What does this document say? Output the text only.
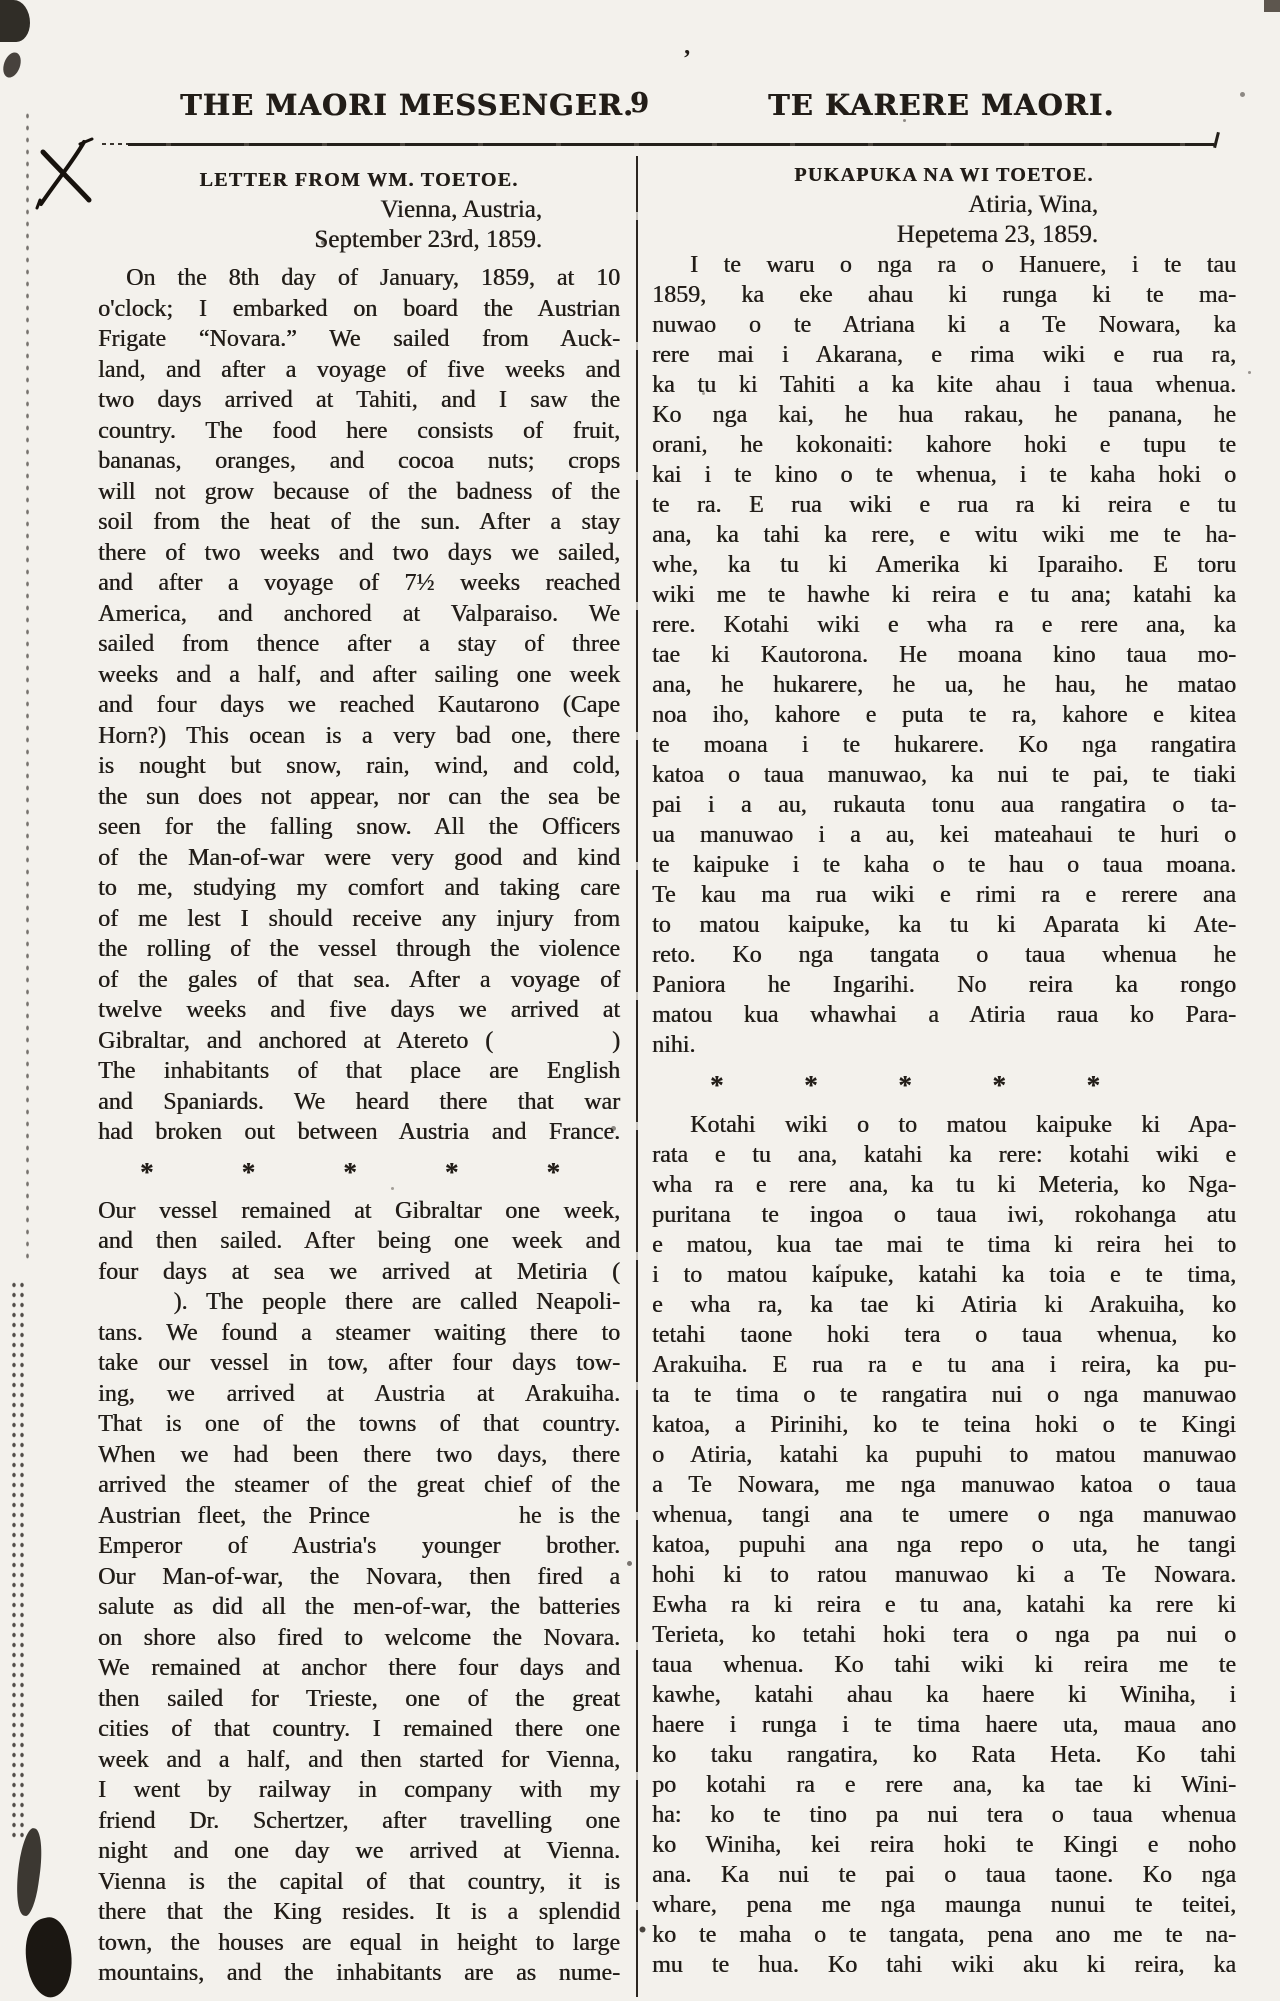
’
THE MAORI MESSENGER.
9	TE KARERE MAORI.
LETTER FROM WM. TOETOE.
Vienna, Austria,
September 23rd, 1859.
On the 8th day of January, 1859, at 10
o'clock; I embarked on board the Austrian
Frigate “Novara.” We sailed from Auck-
land, and after a voyage of five weeks and
two days arrived at Tahiti, and I saw the
country. The food here consists of fruit,
bananas, oranges, and cocoa nuts; crops
will not grow because of the badness of the
soil from the heat of the sun. After a stay
there of two weeks and two days we sailed,
and after a voyage of 7½ weeks reached
America, and anchored at Valparaiso. We
sailed from thence after a stay of three
weeks and a half, and after sailing one week
and four days we reached Kautarono (Cape
Horn?) This ocean is a very bad one, there
is nought but snow, rain, wind, and cold,
the sun does not appear, nor can the sea be
seen for the falling snow. All the Officers
of the Man-of-war were very good and kind
to me, studying my comfort and taking care
of me lest I should receive any injury from
the rolling of the vessel through the violence
of the gales of that sea. After a voyage of
twelve weeks and five days we arrived at
Gibraltar, and anchored at Atereto (       )
The inhabitants of that place are English
and Spaniards. We heard there that war
had broken out between Austria and France.
*	*	*	*	*
Our vessel remained at Gibraltar one week,
and then sailed. After being one week and
four days at sea we arrived at Metiria (
). The people there are called Neapoli-
tans. We found a steamer waiting there to
take our vessel in tow, after four days tow-
ing, we arrived at Austria at Arakuiha.
That is one of the towns of that country.
When we had been there two days, there
arrived the steamer of the great chief of the
Austrian fleet, the Prince         he is the
Emperor of Austria's younger brother.
Our Man-of-war, the Novara, then fired a
salute as did all the men-of-war, the batteries
on shore also fired to welcome the Novara.
We remained at anchor there four days and
then sailed for Trieste, one of the great
cities of that country. I remained there one
week and a half, and then started for Vienna,
I went by railway in company with my
friend Dr. Schertzer, after travelling one
night and one day we arrived at Vienna.
Vienna is the capital of that country, it is
there that the King resides. It is a splendid
town, the houses are equal in height to large
mountains, and the inhabitants are as nume-
PUKAPUKA NA WI TOETOE.
Atiria, Wina,
Hepetema 23, 1859.
I te waru o nga ra o Hanuere, i te tau
1859, ka eke ahau ki runga ki te ma-
nuwao o te Atriana ki a Te Nowara, ka
rere mai i Akarana, e rima wiki e rua ra,
ka tu ki Tahiti a ka kite ahau i taua whenua.
Ko nga kai, he hua rakau, he panana, he
orani, he kokonaiti: kahore hoki e tupu te
kai i te kino o te whenua, i te kaha hoki o
te ra. E rua wiki e rua ra ki reira e tu
ana, ka tahi ka rere, e witu wiki me te ha-
whe, ka tu ki Amerika ki Iparaiho. E toru
wiki me te hawhe ki reira e tu ana; katahi ka
rere. Kotahi wiki e wha ra e rere ana, ka
tae ki Kautorona. He moana kino taua mo-
ana, he hukarere, he ua, he hau, he matao
noa iho, kahore e puta te ra, kahore e kitea
te moana i te hukarere. Ko nga rangatira
katoa o taua manuwao, ka nui te pai, te tiaki
pai i a au, rukauta tonu aua rangatira o ta-
ua manuwao i a au, kei mateahaui te huri o
te kaipuke i te kaha o te hau o taua moana.
Te kau ma rua wiki e rimi ra e rerere ana
to matou kaipuke, ka tu ki Aparata ki Ate-
reto. Ko nga tangata o taua whenua he
Paniora he Ingarihi. No reira ka rongo
matou kua whawhai a Atiria raua ko Para-
nihi.
*	*	*	*	*
Kotahi wiki o to matou kaipuke ki Apa-
rata e tu ana, katahi ka rere: kotahi wiki e
wha ra e rere ana, ka tu ki Meteria, ko Nga-
puritana te ingoa o taua iwi, rokohanga atu
e matou, kua tae mai te tima ki reira hei to
i to matou kaipuke, katahi ka toia e te tima,
e wha ra, ka tae ki Atiria ki Arakuiha, ko
tetahi taone hoki tera o taua whenua, ko
Arakuiha. E rua ra e tu ana i reira, ka pu-
ta te tima o te rangatira nui o nga manuwao
katoa, a Pirinihi, ko te teina hoki o te Kingi
o Atiria, katahi ka pupuhi to matou manuwao
a Te Nowara, me nga manuwao katoa o taua
whenua, tangi ana te umere o nga manuwao
katoa, pupuhi ana nga repo o uta, he tangi
hohi ki to ratou manuwao ki a Te Nowara.
Ewha ra ki reira e tu ana, katahi ka rere ki
Terieta, ko tetahi hoki tera o nga pa nui o
taua whenua. Ko tahi wiki ki reira me te
kawhe, katahi ahau ka haere ki Winiha, i
haere i runga i te tima haere uta, maua ano
ko taku rangatira, ko Rata Heta. Ko tahi
po kotahi ra e rere ana, ka tae ki Wini-
ha: ko te tino pa nui tera o taua whenua
ko Winiha, kei reira hoki te Kingi e noho
ana. Ka nui te pai o taua taone. Ko nga
whare, pena me nga maunga nunui te teitei,
ko te maha o te tangata, pena ano me te na-
mu te hua. Ko tahi wiki aku ki reira, ka
